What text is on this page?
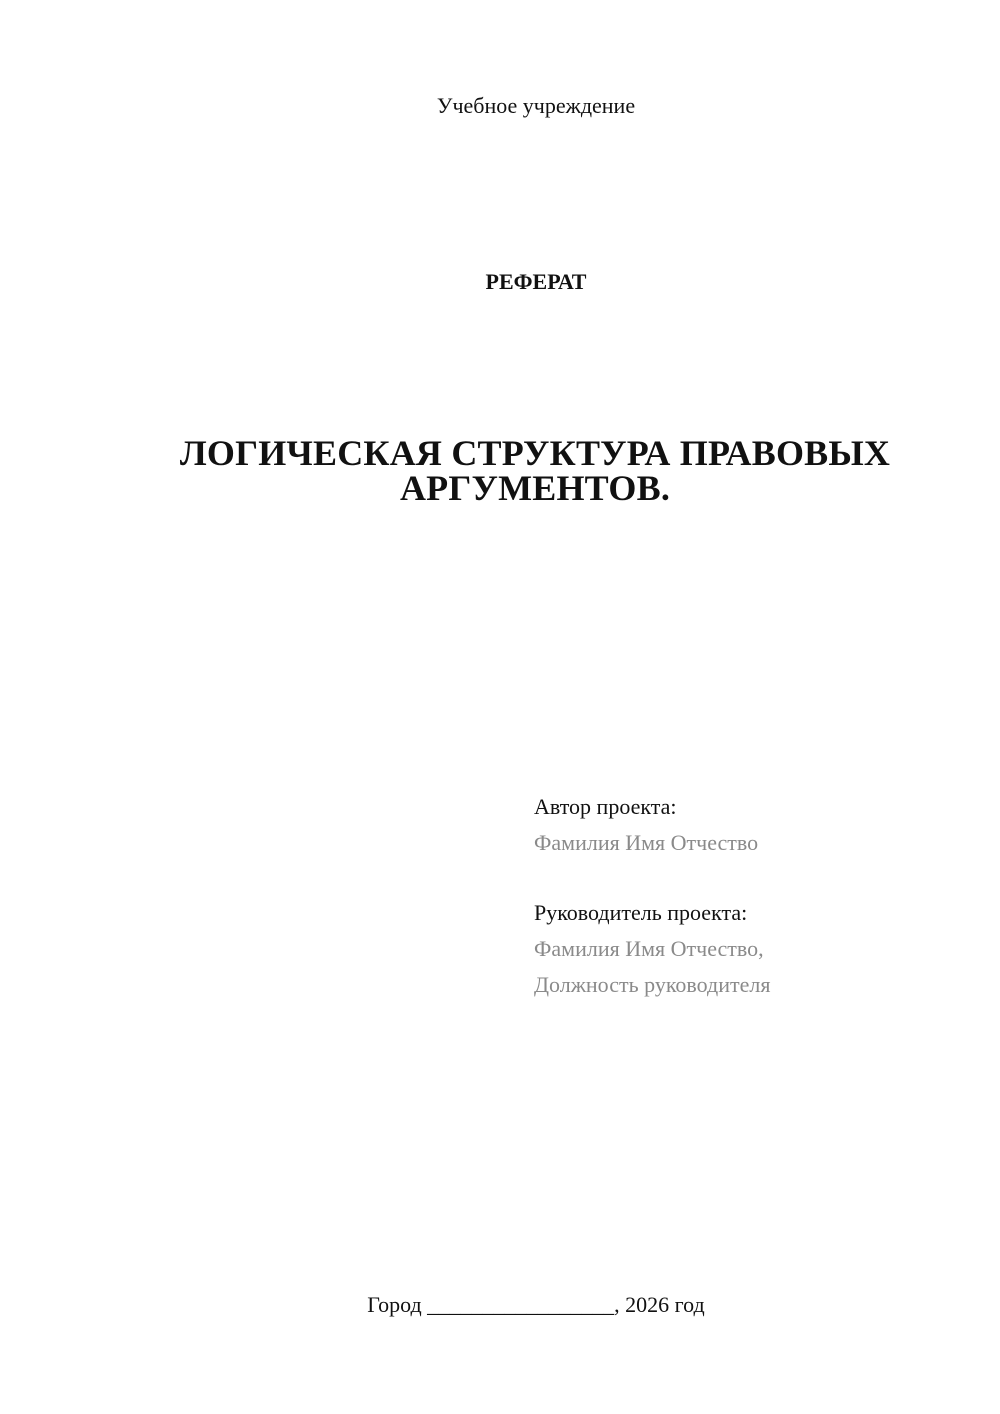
Учебное учреждение
РЕФЕРАТ
ЛОГИЧЕСКАЯ СТРУКТУРА ПРАВОВЫХ
АРГУМЕНТОВ.
Автор проекта:
Фамилия Имя Отчество
Руководитель проекта:
Фамилия Имя Отчество,
Должность руководителя
Город _________________, 2026 год
